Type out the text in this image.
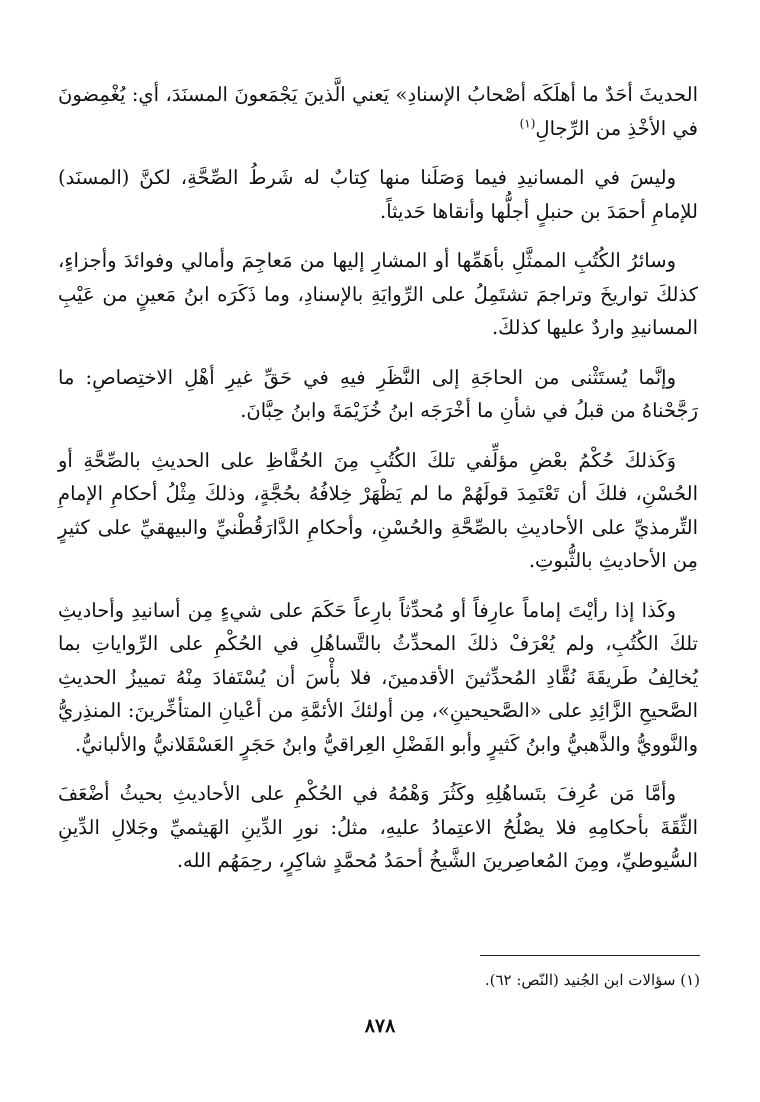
الحديثَ أحَدٌ ما أهلَكَه أصْحابُ الإسنادِ» يَعني الَّذينَ يَجْمَعونَ المسنَدَ، أي: يُغْمِضونَ في الأخْذِ من الرِّجالِ$^{(١)}$

وليسَ في المسانيدِ فيما وَصَلَنا منها كِتابٌ له شَرطُ الصِّحَّةِ، لكنَّ (المسنَد) للإمامِ أحمَدَ بن حنبلٍ أجلُّها وأنقاها حَديثاً.

وسائرُ الكُتُبِ الممثَّلِ بأهَمِّها أو المشارِ إليها من مَعاجِمَ وأمالي وفوائدَ وأجزاءٍ، كذلكَ تواريخَ وتراجمَ تشتَمِلُ على الرِّوايَةِ بالإسنادِ، وما ذَكَرَه ابنُ مَعينٍ من عَيْبِ المسانيدِ واردٌ عليها كذلكَ.

وإنَّما يُستَثْنى من الحاجَةِ إلى النَّظَرِ فيهِ في حَقِّ غيرِ أهْلِ الاختِصاصِ: ما رَجَّحْناهُ من قبلُ في شأنِ ما أخْرَجَه ابنُ خُزَيْمَةَ وابنُ حِبَّانَ.

وَكَذلكَ حُكْمُ بعْضِ مؤلِّفي تلكَ الكُتُبِ مِنَ الحُفَّاظِ على الحديثِ بالصِّحَّةِ أو الحُسْنِ، فلكَ أن تَعْتَمِدَ قولَهُمْ ما لم يَظْهَرْ خِلافُهُ بحُجَّةٍ، وذلكَ مِثْلُ أحكامِ الإمامِ التِّرمذيِّ على الأحاديثِ بالصِّحَّةِ والحُسْنِ، وأحكامِ الدَّارَقُطْنيِّ والبيهقيِّ على كثيرٍ مِن الأحاديثِ بالثُّبوتِ.

وكَذا إذا رأيْتَ إماماً عارِفاً أو مُحدِّثاً بارِعاً حَكَمَ على شيءٍ مِن أسانيدِ وأحاديثِ تلكَ الكُتُبِ، ولم يُعْرَفْ ذلكَ المحدِّثُ بالتَّساهُلِ في الحُكْمِ على الرِّواياتِ بما يُخالِفُ طَريقَةَ نُقَّادِ المُحدِّثينَ الأقدمينَ، فلا بأْسَ أن يُسْتَفادَ مِنْهُ تمييزُ الحديثِ الصَّحيحِ الزَّائِدِ على «الصَّحيحينِ»، مِن أولئكَ الأئمَّةِ من أعْيانِ المتأخِّرينَ: المنذِريُّ والنَّوويُّ والذَّهبيُّ وابنُ كَثيرٍ وأبو الفَضْلِ العِراقيُّ وابنُ حَجَرٍ العَسْقَلانيُّ والألبانيُّ.

وأمَّا مَن عُرِفَ بتَساهُلِهِ وكَثُرَ وَهْمُهُ في الحُكْمِ على الأحاديثِ بحيثُ أضْعَفَ الثِّقَةَ بأحكامِهِ فلا يصْلُحُ الاعتِمادُ عليهِ، مثلُ: نورِ الدِّينِ الهَيثميِّ وجَلالِ الدِّينِ السُّيوطيِّ، ومِنَ المُعاصِرينَ الشَّيخُ أحمَدُ مُحمَّدٍ شاكِرٍ، رحِمَهُم الله.

(١) سؤالات ابن الجُنيد (النّص: ٦٢).
٨٧٨
